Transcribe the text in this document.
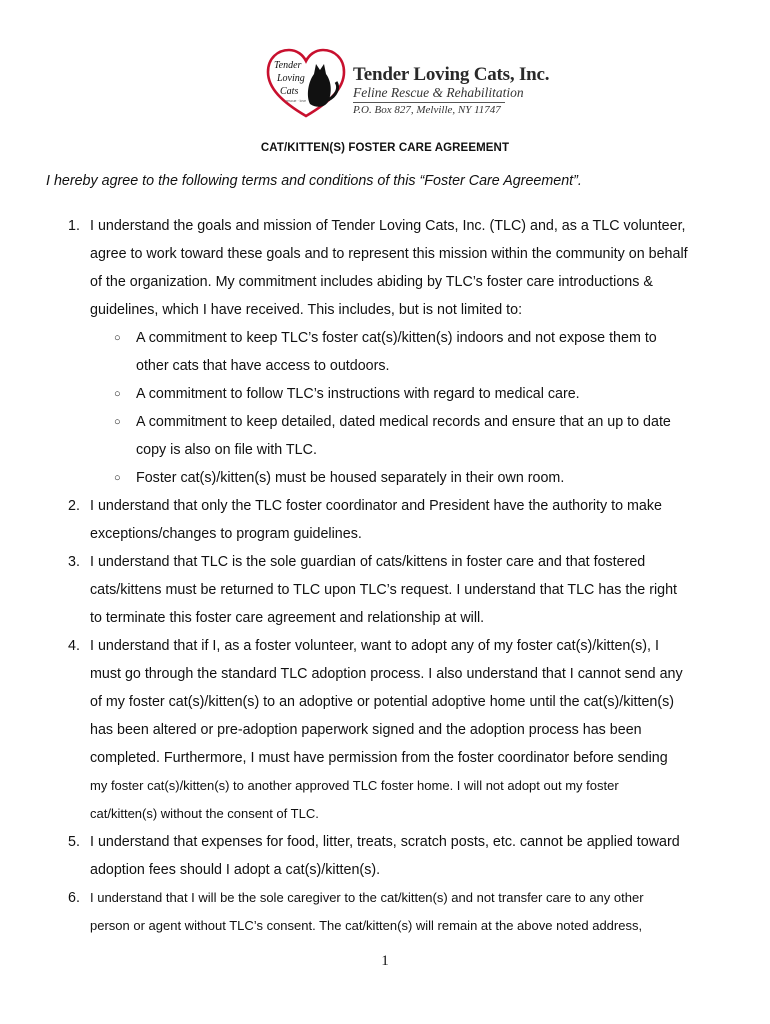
Tender
Loving
Cats
rescue · love
Tender Loving Cats, Inc.
Feline Rescue & Rehabilitation
P.O. Box 827, Melville, NY 11747
CAT/KITTEN(S) FOSTER CARE AGREEMENT
I hereby agree to the following terms and conditions of this “Foster Care Agreement”.
1. I understand the goals and mission of Tender Loving Cats, Inc. (TLC) and, as a TLC volunteer,
agree to work toward these goals and to represent this mission within the community on behalf
of the organization. My commitment includes abiding by TLC’s foster care introductions &
guidelines, which I have received. This includes, but is not limited to:
○ A commitment to keep TLC’s foster cat(s)/kitten(s) indoors and not expose them to
other cats that have access to outdoors.
○ A commitment to follow TLC’s instructions with regard to medical care.
○ A commitment to keep detailed, dated medical records and ensure that an up to date
copy is also on file with TLC.
○ Foster cat(s)/kitten(s) must be housed separately in their own room.
2. I understand that only the TLC foster coordinator and President have the authority to make
exceptions/changes to program guidelines.
3. I understand that TLC is the sole guardian of cats/kittens in foster care and that fostered
cats/kittens must be returned to TLC upon TLC’s request. I understand that TLC has the right
to terminate this foster care agreement and relationship at will.
4. I understand that if I, as a foster volunteer, want to adopt any of my foster cat(s)/kitten(s), I
must go through the standard TLC adoption process. I also understand that I cannot send any
of my foster cat(s)/kitten(s) to an adoptive or potential adoptive home until the cat(s)/kitten(s)
has been altered or pre-adoption paperwork signed and the adoption process has been
completed. Furthermore, I must have permission from the foster coordinator before sending
my foster cat(s)/kitten(s) to another approved TLC foster home. I will not adopt out my foster
cat/kitten(s) without the consent of TLC.
5. I understand that expenses for food, litter, treats, scratch posts, etc. cannot be applied toward
adoption fees should I adopt a cat(s)/kitten(s).
6. I understand that I will be the sole caregiver to the cat/kitten(s) and not transfer care to any other
person or agent without TLC’s consent. The cat/kitten(s) will remain at the above noted address,
1
